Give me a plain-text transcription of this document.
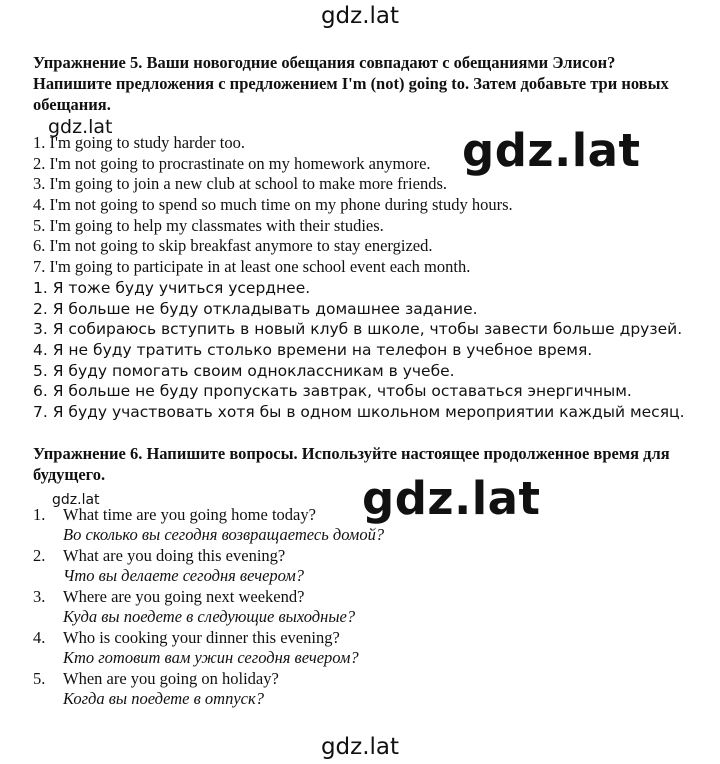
gdz.lat

Упражнение 5. Ваши новогодние обещания совпадают с обещаниями Элисон? Напишите предложения с предложением I'm (not) going to. Затем добавьте три новых обещания.

gdz.lat
1. I'm going to study harder too.
2. I'm not going to procrastinate on my homework anymore.
3. I'm going to join a new club at school to make more friends.
4. I'm not going to spend so much time on my phone during study hours.
5. I'm going to help my classmates with their studies.
6. I'm not going to skip breakfast anymore to stay energized.
7. I'm going to participate in at least one school event each month.
gdz.lat
1. Я тоже буду учиться усерднее.
2. Я больше не буду откладывать домашнее задание.
3. Я собираюсь вступить в новый клуб в школе, чтобы завести больше друзей.
4. Я не буду тратить столько времени на телефон в учебное время.
5. Я буду помогать своим одноклассникам в учебе.
6. Я больше не буду пропускать завтрак, чтобы оставаться энергичным.
7. Я буду участвовать хотя бы в одном школьном мероприятии каждый месяц.

Упражнение 6. Напишите вопросы. Используйте настоящее продолженное время для будущего.

gdz.lat	gdz.lat
1.	What time are you going home today?
Во сколько вы сегодня возвращаетесь домой?
2.	What are you doing this evening?
Что вы делаете сегодня вечером?
3.	Where are you going next weekend?
Куда вы поедете в следующие выходные?
4.	Who is cooking your dinner this evening?
Кто готовит вам ужин сегодня вечером?
5.	When are you going on holiday?
Когда вы поедете в отпуск?
gdz.lat
